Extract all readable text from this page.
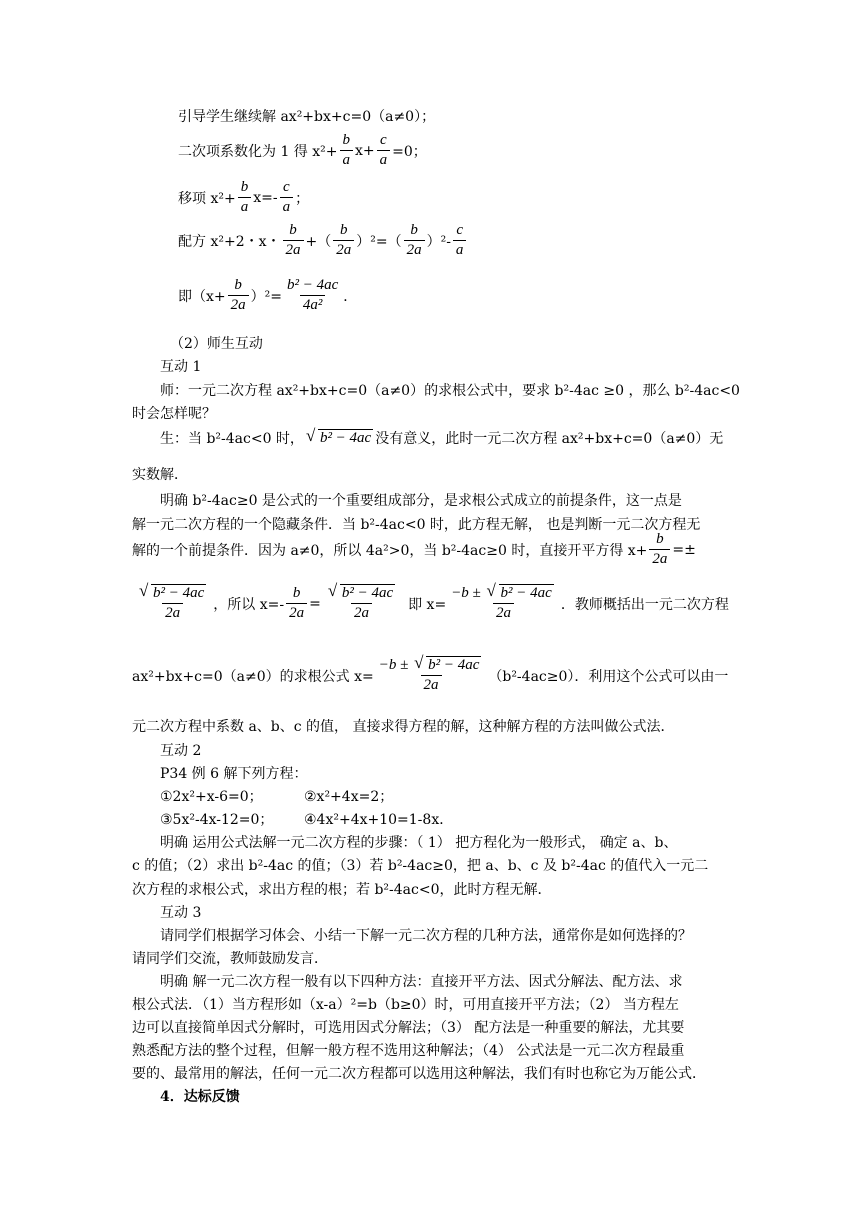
引导学生继续解 ax²+bx+c=0（a≠0）；
二次项系数化为 1 得 $x^2+ \frac{b}{a} x+ \frac{c}{a} =0$；
移项 $x^2+ \frac{b}{a} x=- \frac{c}{a}$ ；
配方 x²+2・x・ $\frac{b}{2a}$ +（ $\frac{b}{2a} )^2=( \frac{b}{2a} )^2- \frac{c}{a}$
即$(x+ \frac{b}{2a} )^2= \frac{\text{b² − 4ac}}{\text{4a²}}$ ．
（2）师生互动
互动 1
师：一元二次方程 ax²+bx+c=0（a≠0）的求根公式中，要求 b²-4ac ≥0 ，那么 b²-4ac<0
时会怎样呢？
生：当 b²-4ac<0 时，	√ b² − 4ac 没有意义，此时一元二次方程 ax²+bx+c=0（a≠0）无
实数解．
明确 b²-4ac≥0 是公式的一个重要组成部分，是求根公式成立的前提条件，这一点是
解一元二次方程的一个隐藏条件．当 b²-4ac<0 时，此方程无解， 也是判断一元二次方程无
解的一个前提条件．因为 a≠0，所以 4a²>0，当 b²-4ac≥0 时，直接开平方得 $x+ \frac{b}{2a}$ =±
√ $\frac{\text{b² − 4ac}}{2a}$ ，所以 $x=- \frac{b}{2a}$ = √ $\frac{\text{b² − 4ac}}{2a}$ 即 $x= \frac{\text{−b ± √ b² − 4ac}}{2a}$ ．教师概括出一元二次方程
ax²+bx+c=0（a≠0）的求根公式 $x= \frac{\text{−b ± √ b² − 4ac}}{2a} (b^2-4ac\ge 0)$．利用这个公式可以由一
元二次方程中系数 a、b、c 的值， 直接求得方程的解，这种解方程的方法叫做公式法．
互动 2
P34 例 6 解下列方程：
①2x²+x-6=0；	②x²+4x=2；
③5x²-4x-12=0；	④4x²+4x+10=1-8x．
明确 运用公式法解一元二次方程的步骤：（ 1） 把方程化为一般形式， 确定 a、b、
c 的值；（2）求出 b²-4ac 的值；（3）若 b²-4ac≥0，把 a、b、c 及 b²-4ac 的值代入一元二
次方程的求根公式，求出方程的根；若 b²-4ac<0，此时方程无解．
互动 3
请同学们根据学习体会、小结一下解一元二次方程的几种方法，通常你是如何选择的？
请同学们交流，教师鼓励发言．
明确 解一元二次方程一般有以下四种方法：直接开平方法、因式分解法、配方法、求
根公式法．（1）当方程形如（x-a）²=b（b≥0）时，可用直接开平方法；（2） 当方程左
边可以直接简单因式分解时，可选用因式分解法；（3） 配方法是一种重要的解法，尤其要
熟悉配方法的整个过程，但解一般方程不选用这种解法；（4） 公式法是一元二次方程最重
要的、最常用的解法，任何一元二次方程都可以选用这种解法，我们有时也称它为万能公式．
4．达标反馈
